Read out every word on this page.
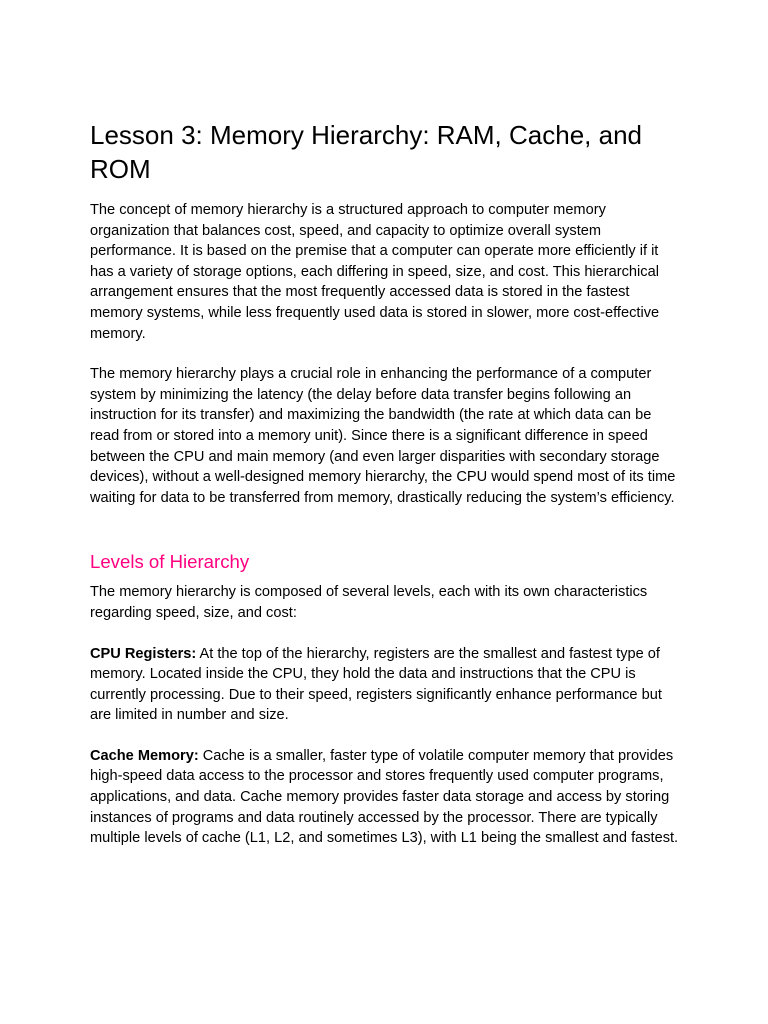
Lesson 3: Memory Hierarchy: RAM, Cache, and ROM

The concept of memory hierarchy is a structured approach to computer memory organization that balances cost, speed, and capacity to optimize overall system performance. It is based on the premise that a computer can operate more efficiently if it has a variety of storage options, each differing in speed, size, and cost. This hierarchical arrangement ensures that the most frequently accessed data is stored in the fastest memory systems, while less frequently used data is stored in slower, more cost-effective memory.

The memory hierarchy plays a crucial role in enhancing the performance of a computer system by minimizing the latency (the delay before data transfer begins following an instruction for its transfer) and maximizing the bandwidth (the rate at which data can be read from or stored into a memory unit). Since there is a significant difference in speed between the CPU and main memory (and even larger disparities with secondary storage devices), without a well-designed memory hierarchy, the CPU would spend most of its time waiting for data to be transferred from memory, drastically reducing the system’s efficiency.

Levels of Hierarchy

The memory hierarchy is composed of several levels, each with its own characteristics regarding speed, size, and cost:

CPU Registers: At the top of the hierarchy, registers are the smallest and fastest type of memory. Located inside the CPU, they hold the data and instructions that the CPU is currently processing. Due to their speed, registers significantly enhance performance but are limited in number and size.

Cache Memory: Cache is a smaller, faster type of volatile computer memory that provides high-speed data access to the processor and stores frequently used computer programs, applications, and data. Cache memory provides faster data storage and access by storing instances of programs and data routinely accessed by the processor. There are typically multiple levels of cache (L1, L2, and sometimes L3), with L1 being the smallest and fastest.
